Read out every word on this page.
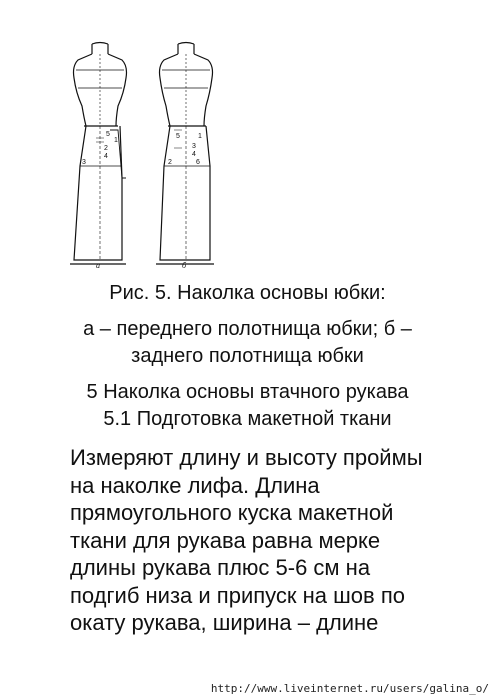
1
2
3
4
5	1
2
3
4
5
6
а	б
Рис. 5. Наколка основы юбки:
а – переднего полотнища юбки; б –
заднего полотнища юбки
5 Наколка основы втачного рукава
5.1 Подготовка макетной ткани
Измеряют длину и высоту проймы
на наколке лифа. Длина
прямоугольного куска макетной
ткани для рукава равна мерке
длины рукава плюс 5-6 см на
подгиб низа и припуск на шов по
окату рукава, ширина – длине
http://www.liveinternet.ru/users/galina_o/
